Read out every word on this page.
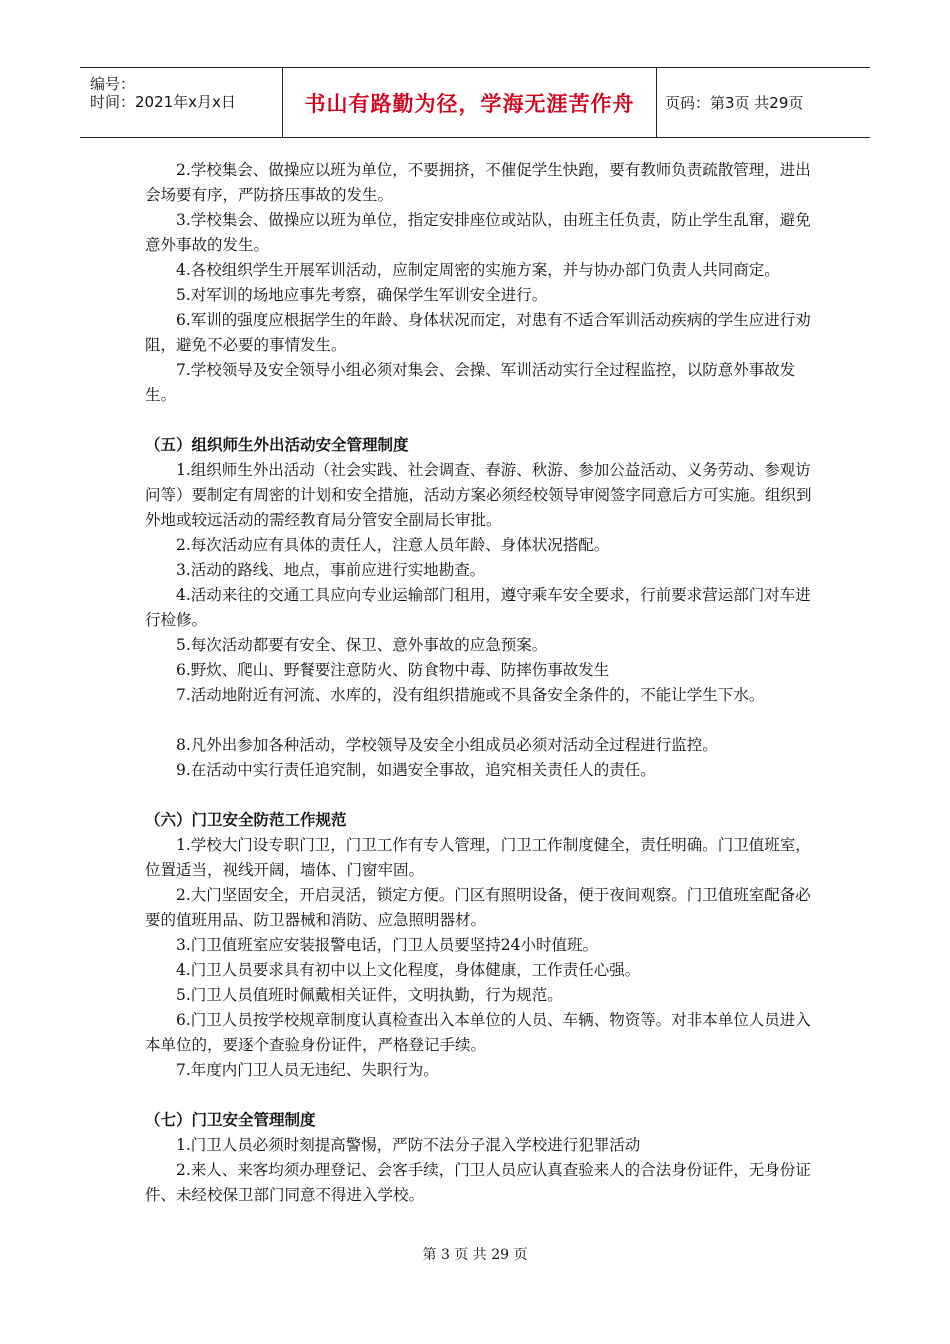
编号：
时间：2021年x月x日	书山有路勤为径，学海无涯苦作舟	页码：第3页 共29页
2.学校集会、做操应以班为单位，不要拥挤，不催促学生快跑，要有教师负责疏散管理，进出会场要有序，严防挤压事故的发生。
3.学校集会、做操应以班为单位，指定安排座位或站队，由班主任负责，防止学生乱窜，避免意外事故的发生。
4.各校组织学生开展军训活动，应制定周密的实施方案，并与协办部门负责人共同商定。
5.对军训的场地应事先考察，确保学生军训安全进行。
6.军训的强度应根据学生的年龄、身体状况而定，对患有不适合军训活动疾病的学生应进行劝阻，避免不必要的事情发生。
7.学校领导及安全领导小组必须对集会、会操、军训活动实行全过程监控，以防意外事故发生。
（五）组织师生外出活动安全管理制度
1.组织师生外出活动（社会实践、社会调查、春游、秋游、参加公益活动、义务劳动、参观访问等）要制定有周密的计划和安全措施，活动方案必须经校领导审阅签字同意后方可实施。组织到外地或较远活动的需经教育局分管安全副局长审批。
2.每次活动应有具体的责任人，注意人员年龄、身体状况搭配。
3.活动的路线、地点，事前应进行实地勘查。
4.活动来往的交通工具应向专业运输部门租用，遵守乘车安全要求，行前要求营运部门对车进行检修。
5.每次活动都要有安全、保卫、意外事故的应急预案。
6.野炊、爬山、野餐要注意防火、防食物中毒、防摔伤事故发生
7.活动地附近有河流、水库的，没有组织措施或不具备安全条件的，不能让学生下水。
8.凡外出参加各种活动，学校领导及安全小组成员必须对活动全过程进行监控。
9.在活动中实行责任追究制，如遇安全事故，追究相关责任人的责任。
（六）门卫安全防范工作规范
1.学校大门设专职门卫，门卫工作有专人管理，门卫工作制度健全，责任明确。门卫值班室，位置适当，视线开阔，墙体、门窗牢固。
2.大门坚固安全，开启灵活，锁定方便。门区有照明设备，便于夜间观察。门卫值班室配备必要的值班用品、防卫器械和消防、应急照明器材。
3.门卫值班室应安装报警电话，门卫人员要坚持24小时值班。
4.门卫人员要求具有初中以上文化程度，身体健康，工作责任心强。
5.门卫人员值班时佩戴相关证件，文明执勤，行为规范。
6.门卫人员按学校规章制度认真检查出入本单位的人员、车辆、物资等。对非本单位人员进入本单位的，要逐个查验身份证件，严格登记手续。
7.年度内门卫人员无违纪、失职行为。
（七）门卫安全管理制度
1.门卫人员必须时刻提高警惕，严防不法分子混入学校进行犯罪活动
2.来人、来客均须办理登记、会客手续，门卫人员应认真查验来人的合法身份证件，无身份证件、未经校保卫部门同意不得进入学校。
第 3 页 共 29 页
